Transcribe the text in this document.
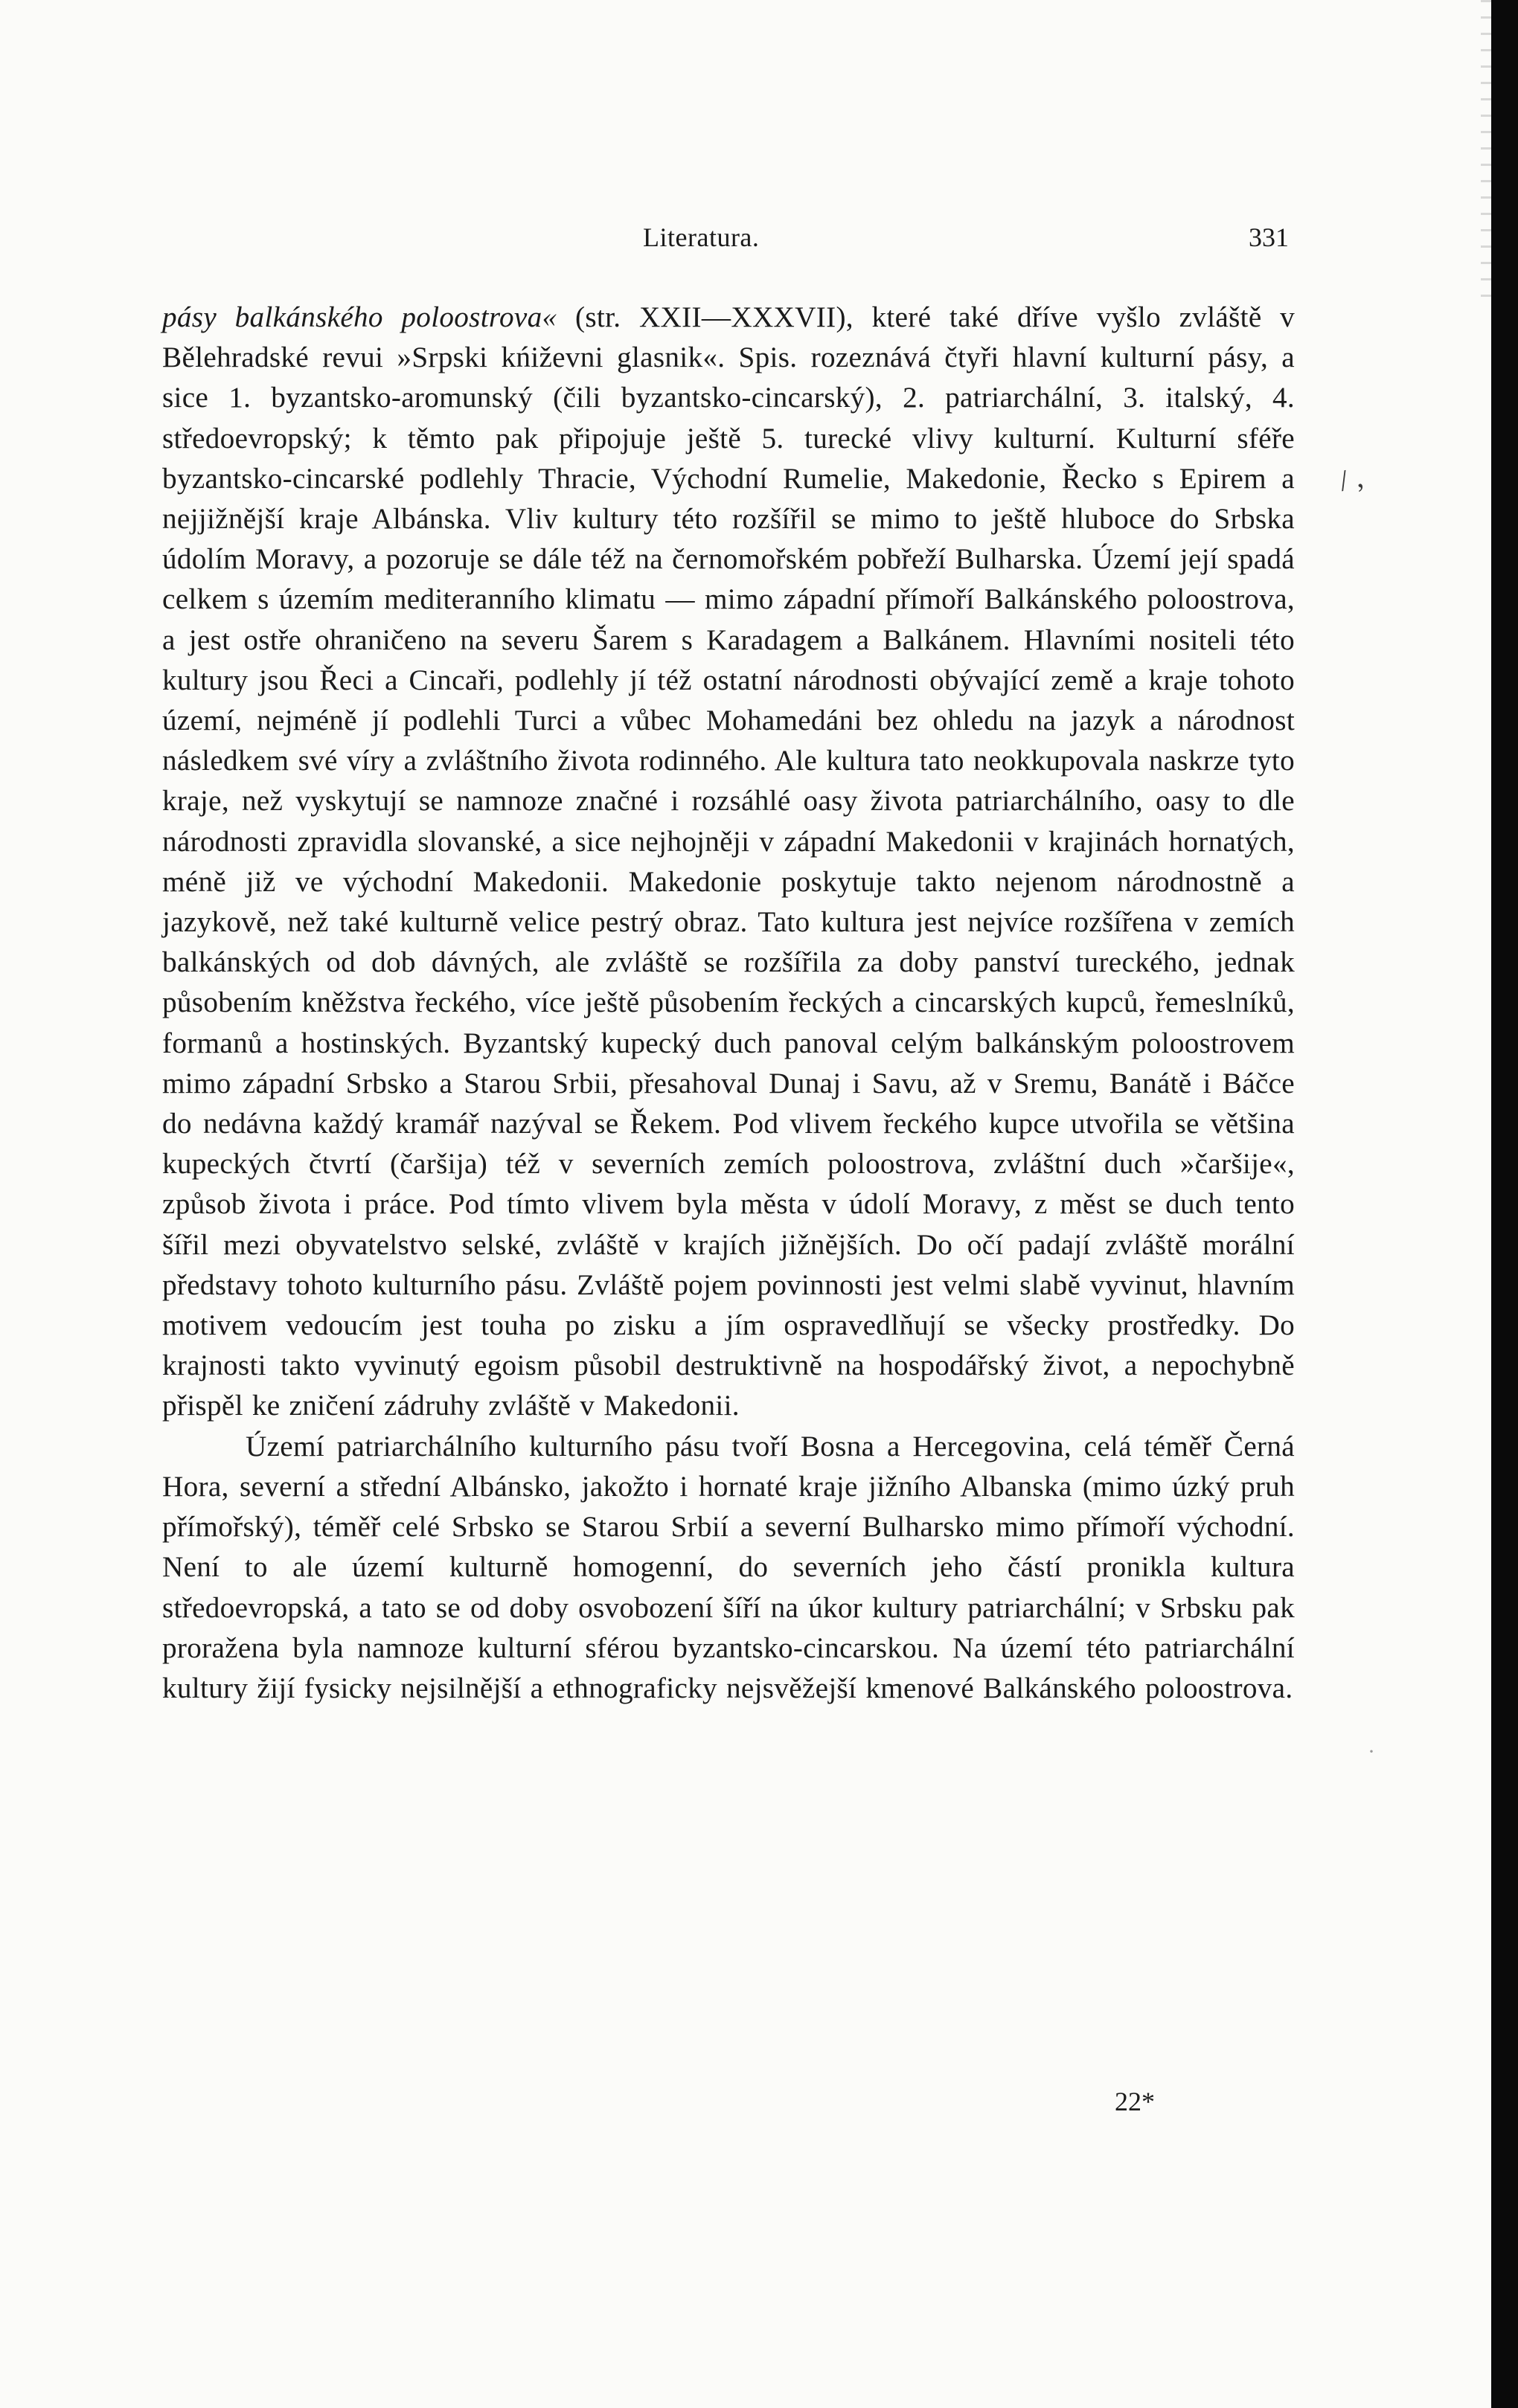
Literatura.	331

pásy balkánského poloostrova« (str. XXII—XXXVII), které také dříve vyšlo zvláště v Bělehradské revui »Srpski kńiževni glasnik«. Spis. rozeznává čtyři hlavní kulturní pásy, a sice 1. byzantsko-aromunský (čili byzantsko-cincarský), 2. patriarchální, 3. italský, 4. středoevropský; k těmto pak připojuje ještě 5. turecké vlivy kulturní. Kulturní sféře byzantsko-cincarské podlehly Thracie, Východní Rumelie, Makedonie, Řecko s Epirem a nejjižnější kraje Albánska. Vliv kultury této rozšířil se mimo to ještě hluboce do Srbska údolím Moravy, a pozoruje se dále též na černomořském pobřeží Bulharska. Území její spadá celkem s územím mediteranního klimatu — mimo západní přímoří Balkánského poloostrova, a jest ostře ohraničeno na severu Šarem s Karadagem a Balkánem. Hlavními nositeli této kultury jsou Řeci a Cincaři, podlehly jí též ostatní národnosti obývající země a kraje tohoto území, nejméně jí podlehli Turci a vůbec Mohamedáni bez ohledu na jazyk a národnost následkem své víry a zvláštního života rodinného. Ale kultura tato neokkupovala naskrze tyto kraje, než vyskytují se namnoze značné i rozsáhlé oasy života patriarchálního, oasy to dle národnosti zpravidla slovanské, a sice nejhojněji v západní Makedonii v krajinách hornatých, méně již ve východní Makedonii. Makedonie poskytuje takto nejenom národnostně a jazykově, než také kulturně velice pestrý obraz. Tato kultura jest nejvíce rozšířena v zemích balkánských od dob dávných, ale zvláště se rozšířila za doby panství tureckého, jednak působením kněžstva řeckého, více ještě působením řeckých a cincarských kupců, řemeslníků, formanů a hostinských. Byzantský kupecký duch panoval celým balkánským poloostrovem mimo západní Srbsko a Starou Srbii, přesahoval Dunaj i Savu, až v Sremu, Banátě i Báčce do nedávna každý kramář nazýval se Řekem. Pod vlivem řeckého kupce utvořila se většina kupeckých čtvrtí (čaršija) též v severních zemích poloostrova, zvláštní duch »čaršije«, způsob života i práce. Pod tímto vlivem byla města v údolí Moravy, z měst se duch tento šířil mezi obyvatelstvo selské, zvláště v krajích jižnějších. Do očí padají zvláště morální představy tohoto kulturního pásu. Zvláště pojem povinnosti jest velmi slabě vyvinut, hlavním motivem vedoucím jest touha po zisku a jím ospravedlňují se všecky prostředky. Do krajnosti takto vyvinutý egoism působil destruktivně na hospodářský život, a nepochybně přispěl ke zničení zádruhy zvláště v Makedonii.

Území patriarchálního kulturního pásu tvoří Bosna a Hercegovina, celá téměř Černá Hora, severní a střední Albánsko, jakožto i hornaté kraje jižního Albanska (mimo úzký pruh přímořský), téměř celé Srbsko se Starou Srbií a severní Bulharsko mimo přímoří východní. Není to ale území kulturně homogenní, do severních jeho částí pronikla kultura středoevropská, a tato se od doby osvobození šíří na úkor kultury patriarchální; v Srbsku pak proražena byla namnoze kulturní sférou byzantsko-cincarskou. Na území této patriarchální kultury žijí fysicky nejsilnější a ethnograficky nejsvěžejší kmenové Balkánského poloostrova.

22*
/ ,
·
